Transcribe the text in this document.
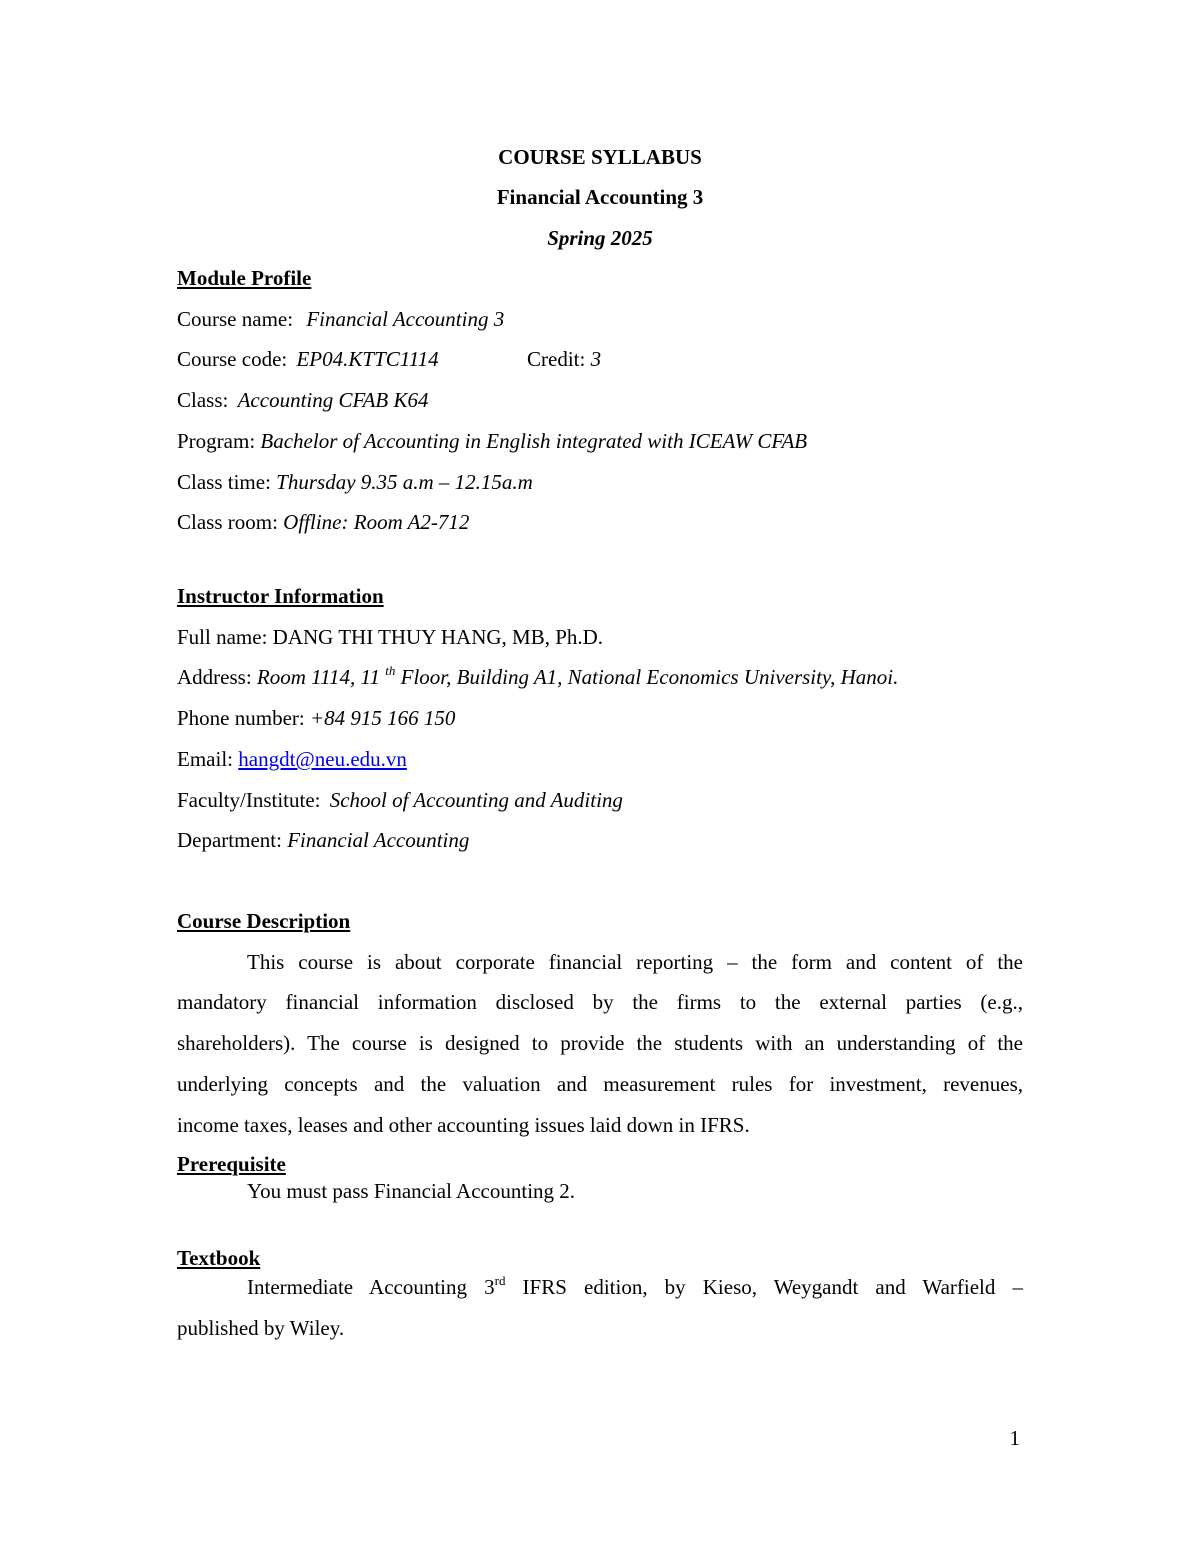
COURSE SYLLABUS
Financial Accounting 3
Spring 2025
Module Profile
Course name: Financial Accounting 3
Course code: EP04.KTTC1114	Credit: 3
Class: Accounting CFAB K64
Program: Bachelor of Accounting in English integrated with ICEAW CFAB
Class time: Thursday 9.35 a.m – 12.15a.m
Class room: Offline: Room A2-712
Instructor Information
Full name: DANG THI THUY HANG, MB, Ph.D.
Address: Room 1114, 11 $^{th}$ Floor, Building A1, National Economics University, Hanoi.
Phone number: +84 915 166 150
Email: hangdt@neu.edu.vn
Faculty/Institute: School of Accounting and Auditing
Department: Financial Accounting
Course Description
This course is about corporate financial reporting – the form and content of the
mandatory financial information disclosed by the firms to the external parties (e.g.,
shareholders). The course is designed to provide the students with an understanding of the
underlying concepts and the valuation and measurement rules for investment, revenues,
income taxes, leases and other accounting issues laid down in IFRS.
Prerequisite
You must pass Financial Accounting 2.
Textbook
Intermediate Accounting 3rd IFRS edition, by Kieso, Weygandt and Warfield –
published by Wiley.
1
